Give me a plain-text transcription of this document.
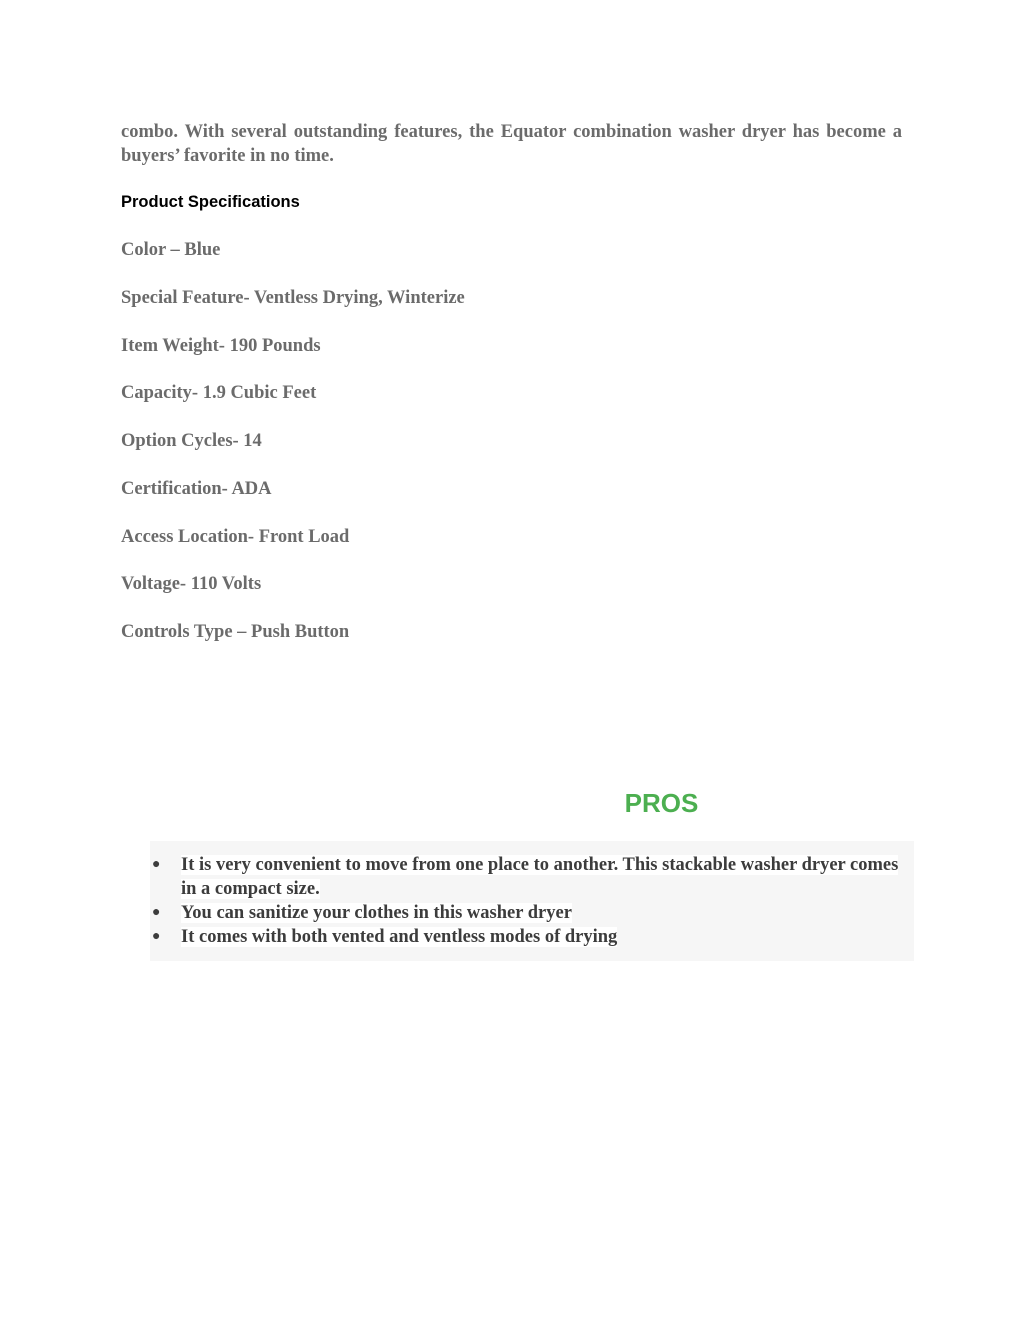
combo. With several outstanding features, the Equator combination washer dryer has become a buyers’ favorite in no time.

Product Specifications
Color – Blue
Special Feature- Ventless Drying, Winterize
Item Weight- 190 Pounds
Capacity- 1.9 Cubic Feet
Option Cycles- 14
Certification- ADA
Access Location- Front Load
Voltage- 110 Volts
Controls Type – Push Button
PROS
● It is very convenient to move from one place to another. This stackable washer dryer comes in a compact size.
● You can sanitize your clothes in this washer dryer
● It comes with both vented and ventless modes of drying
